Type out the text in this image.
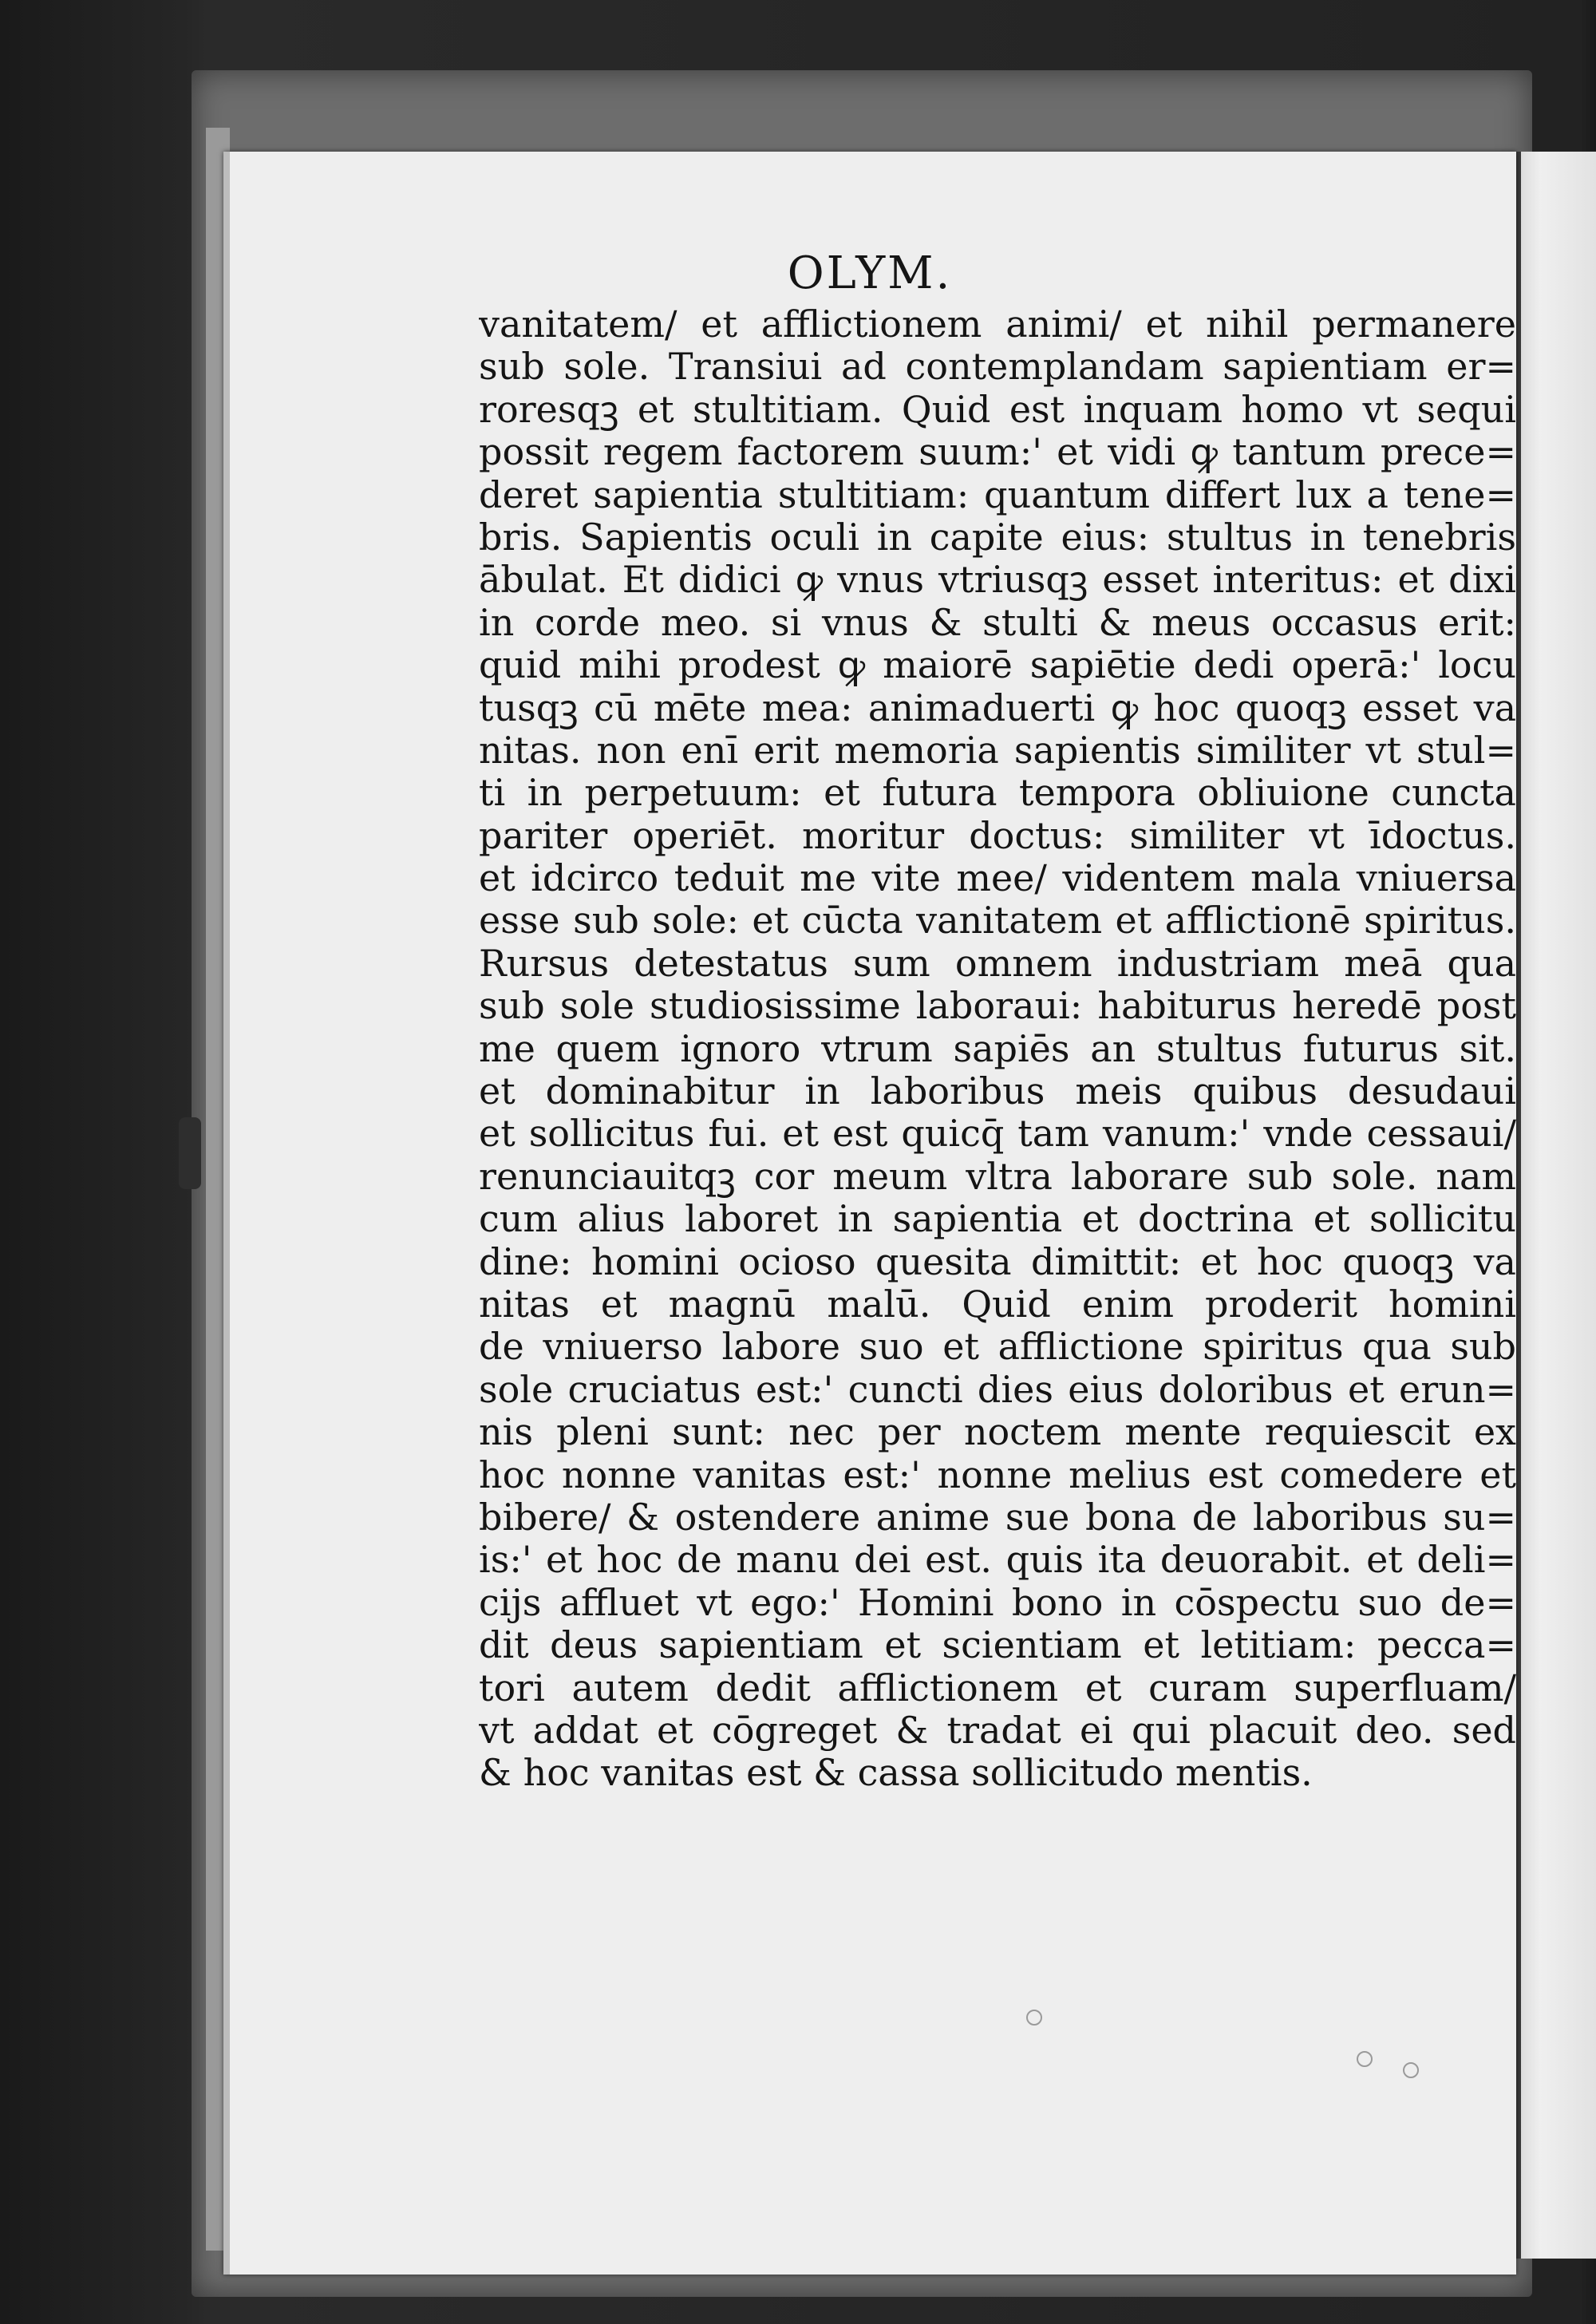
OLYM.
vanitatem/ et afflictionem animi/ et nihil permanere
sub sole. Transiui ad contemplandam sapientiam er=
roresqꝫ et stultitiam. Quid est inquam homo vt sequi
possit regem factorem suum:' et vidi ꝙ tantum prece=
deret sapientia stultitiam: quantum differt lux a tene=
bris. Sapientis oculi in capite eius: stultus in tenebris
ābulat. Et didici ꝙ vnus vtriusqꝫ esset interitus: et dixi
in corde meo. si vnus & stulti & meus occasus erit:
quid mihi prodest ꝙ maiorē sapiētie dedi operā:' locu
tusqꝫ cū mēte mea: animaduerti ꝙ hoc quoqꝫ esset va
nitas. non enī erit memoria sapientis similiter vt stul=
ti in perpetuum: et futura tempora obliuione cuncta
pariter operiēt. moritur doctus: similiter vt īdoctus.
et idcirco teduit me vite mee/ videntem mala vniuersa
esse sub sole: et cūcta vanitatem et afflictionē spiritus.
Rursus detestatus sum omnem industriam meā qua
sub sole studiosissime laboraui: habiturus heredē post
me quem ignoro vtrum sapiēs an stultus futurus sit.
et dominabitur in laboribus meis quibus desudaui
et sollicitus fui. et est quicq̄ tam vanum:' vnde cessaui/
renunciauitqꝫ cor meum vltra laborare sub sole. nam
cum alius laboret in sapientia et doctrina et sollicitu
dine: homini ocioso quesita dimittit: et hoc quoqꝫ va
nitas et magnū malū. Quid enim proderit homini
de vniuerso labore suo et afflictione spiritus qua sub
sole cruciatus est:' cuncti dies eius doloribus et erun=
nis pleni sunt: nec per noctem mente requiescit ex
hoc nonne vanitas est:' nonne melius est comedere et
bibere/ & ostendere anime sue bona de laboribus su=
is:' et hoc de manu dei est. quis ita deuorabit. et deli=
cijs affluet vt ego:' Homini bono in cōspectu suo de=
dit deus sapientiam et scientiam et letitiam: pecca=
tori autem dedit afflictionem et curam superfluam/
vt addat et cōgreget & tradat ei qui placuit deo. sed
& hoc vanitas est & cassa sollicitudo mentis.
